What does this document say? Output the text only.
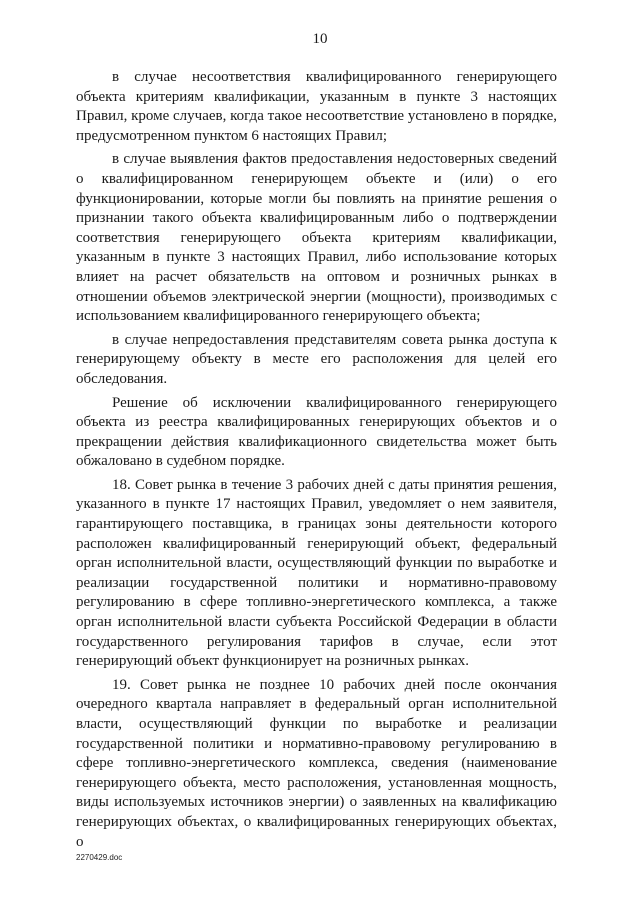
10

в случае несоответствия квалифицированного генерирующего объекта критериям квалификации, указанным в пункте 3 настоящих Правил, кроме случаев, когда такое несоответствие установлено в порядке, предусмотренном пунктом 6 настоящих Правил;

в случае выявления фактов предоставления недостоверных сведений о квалифицированном генерирующем объекте и (или) о его функционировании, которые могли бы повлиять на принятие решения о признании такого объекта квалифицированным либо о подтверждении соответствия генерирующего объекта критериям квалификации, указанным в пункте 3 настоящих Правил, либо использование которых влияет на расчет обязательств на оптовом и розничных рынках в отношении объемов электрической энергии (мощности), производимых с использованием квалифицированного генерирующего объекта;

в случае непредоставления представителям совета рынка доступа к генерирующему объекту в месте его расположения для целей его обследования.

Решение об исключении квалифицированного генерирующего объекта из реестра квалифицированных генерирующих объектов и о прекращении действия квалификационного свидетельства может быть обжаловано в судебном порядке.

18. Совет рынка в течение 3 рабочих дней с даты принятия решения, указанного в пункте 17 настоящих Правил, уведомляет о нем заявителя, гарантирующего поставщика, в границах зоны деятельности которого расположен квалифицированный генерирующий объект, федеральный орган исполнительной власти, осуществляющий функции по выработке и реализации государственной политики и нормативно-правовому регулированию в сфере топливно-энергетического комплекса, а также орган исполнительной власти субъекта Российской Федерации в области государственного регулирования тарифов в случае, если этот генерирующий объект функционирует на розничных рынках.

19. Совет рынка не позднее 10 рабочих дней после окончания очередного квартала направляет в федеральный орган исполнительной власти, осуществляющий функции по выработке и реализации государственной политики и нормативно-правовому регулированию в сфере топливно-энергетического комплекса, сведения (наименование генерирующего объекта, место расположения, установленная мощность, виды используемых источников энергии) о заявленных на квалификацию генерирующих объектах, о квалифицированных генерирующих объектах, о

2270429.doc
